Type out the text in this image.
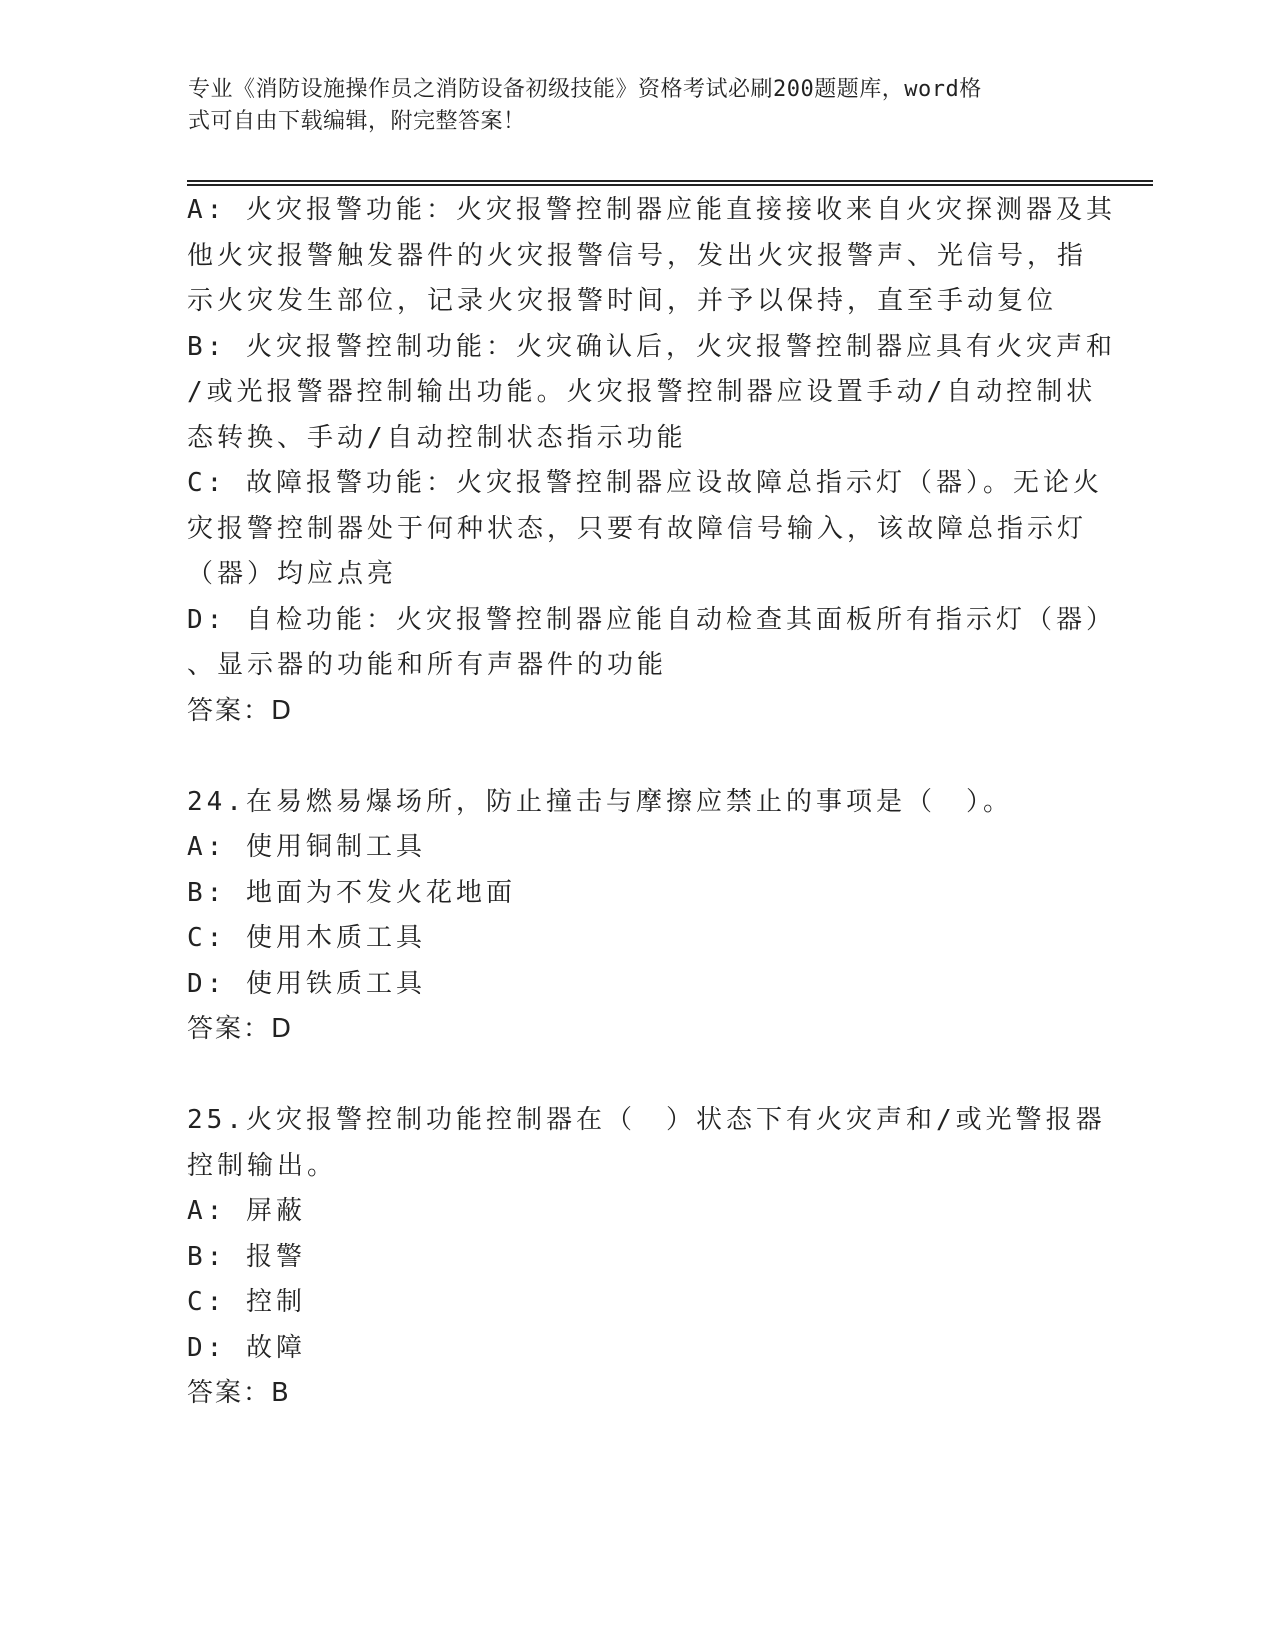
专业《消防设施操作员之消防设备初级技能》资格考试必刷200题题库，word格
式可自由下载编辑，附完整答案！
A: 火灾报警功能：火灾报警控制器应能直接接收来自火灾探测器及其
他火灾报警触发器件的火灾报警信号，发出火灾报警声、光信号，指
示火灾发生部位，记录火灾报警时间，并予以保持，直至手动复位
B: 火灾报警控制功能：火灾确认后，火灾报警控制器应具有火灾声和
/或光报警器控制输出功能。火灾报警控制器应设置手动/自动控制状
态转换、手动/自动控制状态指示功能
C: 故障报警功能：火灾报警控制器应设故障总指示灯（器）。无论火
灾报警控制器处于何种状态，只要有故障信号输入，该故障总指示灯
（器）均应点亮
D: 自检功能：火灾报警控制器应能自动检查其面板所有指示灯（器）
、显示器的功能和所有声器件的功能
答案：D
24.在易燃易爆场所，防止撞击与摩擦应禁止的事项是（　）。
A: 使用铜制工具
B: 地面为不发火花地面
C: 使用木质工具
D: 使用铁质工具
答案：D
25.火灾报警控制功能控制器在（　）状态下有火灾声和/或光警报器
控制输出。
A: 屏蔽
B: 报警
C: 控制
D: 故障
答案：B
